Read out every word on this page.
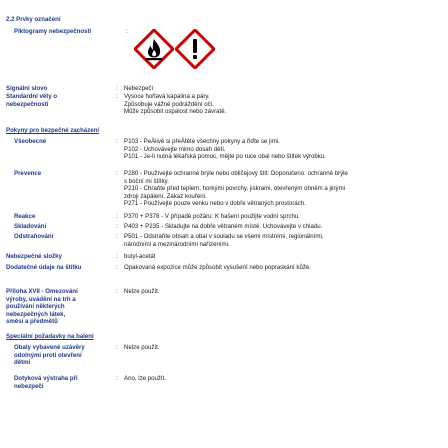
2.2 Prvky označení
Piktogramy nebezpečnosti	:
Signální slovo	: Nebezpečí
Standardní věty o
nebezpečnosti
: Vysoce hořlavá kapalina a páry.
Způsobuje vážné podráždění očí.
Může způsobit ospalost nebo závratě.
Pokyny pro bezpečné zacházení
Všeobecné	: P103 - PeÄlivě si přeÄtěte všechny pokyny a řiďte se jimi.
P102 - Uchovávejte mimo dosah dětí.
P101 - Je-li nutná lékařská pomoc, mějte po ruce obal nebo štítek výrobku.
Prevence	: P280 - Používejte ochranné brýle nebo obličejový štít: Doporučeno: ochranné brýle
s boční mi štítky.
P210 - Chraňte před teplem, horkými povrchy, jiskrami, otevřeným ohněm a jinými
zdroji zapálení. Zákaz kouření.
P271 - Používejte pouze venku nebo v dobře větraných prostorách.
Reakce	: P370 + P378 - V případě požáru: K hašení použijte vodní sprchu.
Skladování	: P403 + P235 - Skladujte na dobře větraném místě. Uchovávejte v chladu.
Odstraňování	: P501 - Odstraňte obsah a obal v souladu se všemi místními, regionálními,
národními a mezinárodními nařízeními.
Nebezpečné složky	: butyl-acetát
Dodatečné údaje na štítku	: Opakovaná expozice může způsobit vysušení nebo popraskání kůže.
Příloha XVII - Omezování
výroby, uvádění na trh a
používání některých
nebezpečných látek,
směsí a předmětů
: Nelze použít.
Speciální požadavky na balení
Obaly vybavené uzávěry
odolnými proti otevření
dětmi
: Nelze použít.
Dotyková výstraha při
nebezpečí
: Ano, lze použít.
